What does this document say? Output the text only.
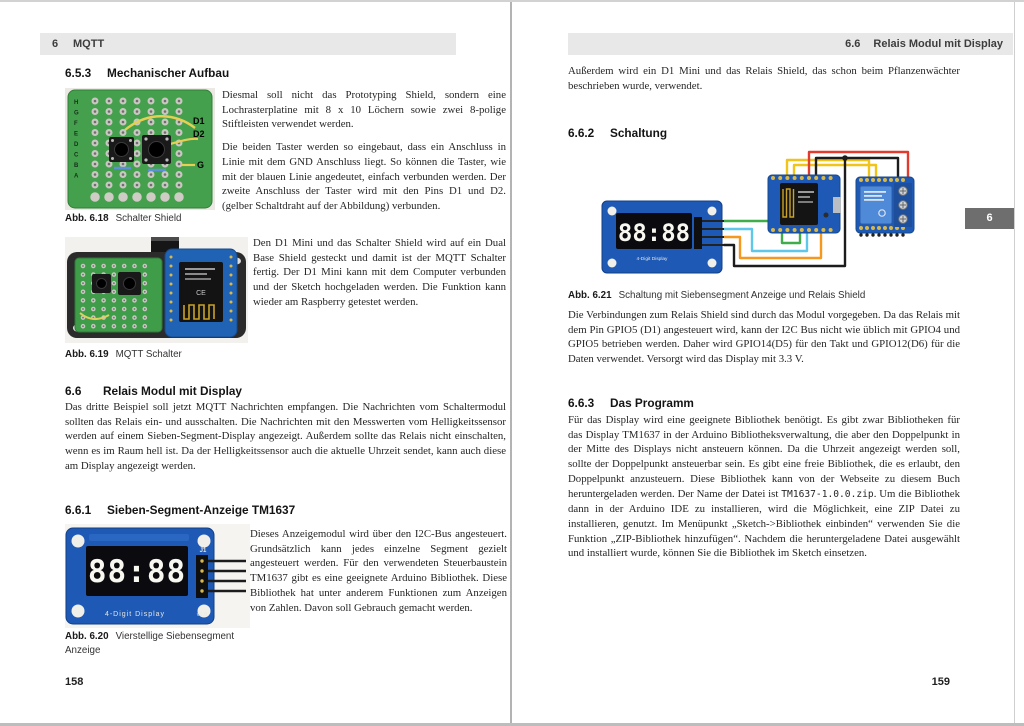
6 MQTT
6.5.3 Mechanischer Aufbau
H
G
F
E
D
C
B
A
D1
D2
G
Abb. 6.18 Schalter Shield

Diesmal soll nicht das Prototyping Shield, sondern eine Lochrasterplatine mit 8 x 10 Löchern sowie zwei 8-polige Stiftleisten verwendet werden.

Die beiden Taster werden so eingebaut, dass ein Anschluss in Linie mit dem GND Anschluss liegt. So können die Taster, wie mit der blauen Linie angedeutet, einfach verbunden werden. Der zweite Anschluss der Taster wird mit den Pins D1 und D2. (gelber Schaltdraht auf der Abbildung) verbunden.

CE
Abb. 6.19 MQTT Schalter

Den D1 Mini und das Schalter Shield wird auf ein Dual Base Shield gesteckt und damit ist der MQTT Schalter fertig. Der D1 Mini kann mit dem Computer verbunden und der Sketch hochgeladen werden. Die Funktion kann wieder am Raspberry getestet werden.

6.6 Relais Modul mit Display

Das dritte Beispiel soll jetzt MQTT Nachrichten empfangen. Die Nachrichten vom Schaltermodul sollten das Relais ein- und ausschalten. Die Nachrichten mit den Messwerten vom Helligkeitssensor werden auf einem Sieben-Segment-Display angezeigt. Außerdem sollte das Relais nicht einschalten, wenn es im Raum hell ist. Da der Helligkeitssensor auch die aktuelle Uhrzeit sendet, kann auch diese am Display angezeigt werden.

6.6.1 Sieben-Segment-Anzeige TM1637
88:88
4-Digit Display	v1.0
J1
Abb. 6.20 Vierstellige Siebensegment Anzeige

Dieses Anzeigemodul wird über den I2C-Bus angesteuert. Grundsätzlich kann jedes einzelne Segment gezielt angesteuert werden. Für den verwendeten Steuerbaustein TM1637 gibt es eine geeignete Arduino Bibliothek. Diese Bibliothek hat unter anderem Funktionen zum Anzeigen von Zahlen. Davon soll Gebrauch gemacht werden.

158
6.6 Relais Modul mit Display

Außerdem wird ein D1 Mini und das Relais Shield, das schon beim Pflanzenwächter beschrieben wurde, verwendet.

6.6.2 Schaltung
88:88
4-Digit Display
6
Abb. 6.21 Schaltung mit Siebensegment Anzeige und Relais Shield

Die Verbindungen zum Relais Shield sind durch das Modul vorgegeben. Da das Relais mit dem Pin GPIO5 (D1) angesteuert wird, kann der I2C Bus nicht wie üblich mit GPIO4 und GPIO5 betrieben werden. Daher wird GPIO14(D5) für den Takt und GPIO12(D6) für die Daten verwendet. Versorgt wird das Display mit 3.3 V.

6.6.3 Das Programm

Für das Display wird eine geeignete Bibliothek benötigt. Es gibt zwar Bibliotheken für das Display TM1637 in der Arduino Bibliotheksverwaltung, die aber den Doppelpunkt in der Mitte des Displays nicht ansteuern können. Da die Uhrzeit angezeigt werden soll, sollte der Doppelpunkt ansteuerbar sein. Es gibt eine freie Bibliothek, die es erlaubt, den Doppelpunkt anzusteuern. Diese Bibliothek kann von der Webseite zu diesem Buch heruntergeladen werden. Der Name der Datei ist TM1637-1.0.0.zip. Um die Bibliothek dann in der Arduino IDE zu installieren, wird die Möglichkeit, eine ZIP Datei zu installieren, genutzt. Im Menüpunkt „Sketch->Bibliothek einbinden“ verwenden Sie die Funktion „ZIP-Bibliothek hinzufügen“. Nachdem die heruntergeladene Datei ausgewählt und installiert wurde, können Sie die Bibliothek im Sketch einsetzen.

159
